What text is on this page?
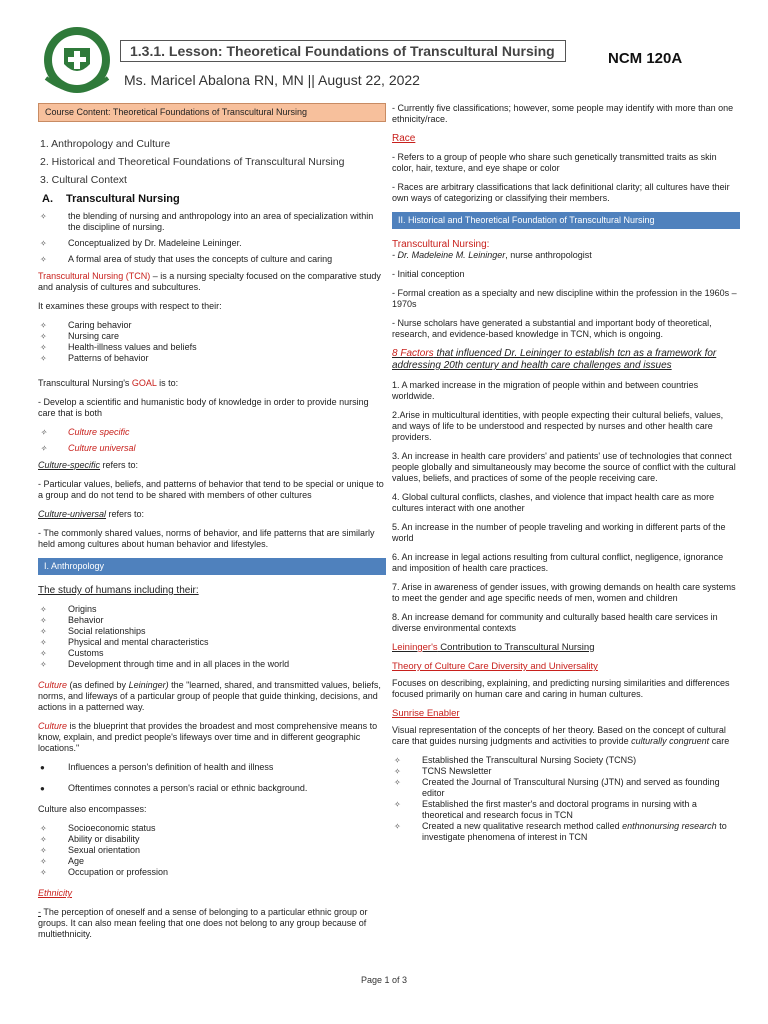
1.3.1. Lesson: Theoretical Foundations of Transcultural Nursing	NCM 120A
Ms. Maricel Abalona RN, MN || August 22, 2022
Course Content: Theoretical Foundations of Transcultural Nursing
1. Anthropology and Culture
2. Historical and Theoretical Foundations of Transcultural Nursing
3. Cultural Context
A. Transcultural Nursing
✧ the blending of nursing and anthropology into an area of specialization within the discipline of nursing.
✧ Conceptualized by Dr. Madeleine Leininger.
✧ A formal area of study that uses the concepts of culture and caring

Transcultural Nursing (TCN) – is a nursing specialty focused on the comparative study and analysis of cultures and subcultures.

It examines these groups with respect to their:

✧ Caring behavior
✧ Nursing care
✧ Health-illness values and beliefs
✧ Patterns of behavior

Transcultural Nursing's GOAL is to:

- Develop a scientific and humanistic body of knowledge in order to provide nursing care that is both

✧ Culture specific
✧ Culture universal

Culture-specific refers to:

- Particular values, beliefs, and patterns of behavior that tend to be special or unique to a group and do not tend to be shared with members of other cultures

Culture-universal refers to:

- The commonly shared values, norms of behavior, and life patterns that are similarly held among cultures about human behavior and lifestyles.

I. Anthropology

The study of humans including their:

✧ Origins
✧ Behavior
✧ Social relationships
✧ Physical and mental characteristics
✧ Customs
✧ Development through time and in all places in the world

Culture (as defined by Leininger) the "learned, shared, and transmitted values, beliefs, norms, and lifeways of a particular group of people that guide thinking, decisions, and actions in a patterned way.

Culture is the blueprint that provides the broadest and most comprehensive means to know, explain, and predict people's lifeways over time and in different geographic locations."

● Influences a person's definition of health and illness
● Oftentimes connotes a person's racial or ethnic background.

Culture also encompasses:

✧ Socioeconomic status
✧ Ability or disability
✧ Sexual orientation
✧ Age
✧ Occupation or profession

Ethnicity

- The perception of oneself and a sense of belonging to a particular ethnic group or groups. It can also mean feeling that one does not belong to any group because of multiethnicity.

- Currently five classifications; however, some people may identify with more than one ethnicity/race.

Race

- Refers to a group of people who share such genetically transmitted traits as skin color, hair, texture, and eye shape or color

- Races are arbitrary classifications that lack definitional clarity; all cultures have their own ways of categorizing or classifying their members.

II. Historical and Theoretical Foundation of Transcultural Nursing
Transcultural Nursing:

- Dr. Madeleine M. Leininger, nurse anthropologist

- Initial conception

- Formal creation as a specialty and new discipline within the profession in the 1960s – 1970s

- Nurse scholars have generated a substantial and important body of theoretical, research, and evidence-based knowledge in TCN, which is ongoing.

8 Factors that influenced Dr. Leininger to establish tcn as a framework for addressing 20th century and health care challenges and issues

1. A marked increase in the migration of people within and between countries worldwide.

2.Arise in multicultural identities, with people expecting their cultural beliefs, values, and ways of life to be understood and respected by nurses and other health care providers.

3. An increase in health care providers' and patients' use of technologies that connect people globally and simultaneously may become the source of conflict with the cultural values, beliefs, and practices of some of the people receiving care.

4. Global cultural conflicts, clashes, and violence that impact health care as more cultures interact with one another

5. An increase in the number of people traveling and working in different parts of the world

6. An increase in legal actions resulting from cultural conflict, negligence, ignorance and imposition of health care practices.

7. Arise in awareness of gender issues, with growing demands on health care systems to meet the gender and age specific needs of men, women and children

8. An increase demand for community and culturally based health care services in diverse environmental contexts

Leininger's Contribution to Transcultural Nursing

Theory of Culture Care Diversity and Universality

Focuses on describing, explaining, and predicting nursing similarities and differences focused primarily on human care and caring in human cultures.

Sunrise Enabler

Visual representation of the concepts of her theory. Based on the concept of cultural care that guides nursing judgments and activities to provide culturally congruent care

✧ Established the Transcultural Nursing Society (TCNS)
✧ TCNS Newsletter
✧ Created the Journal of Transcultural Nursing (JTN) and served as founding editor
✧ Established the first master's and doctoral programs in nursing with a theoretical and research focus in TCN
✧ Created a new qualitative research method called enthnonursing research to investigate phenomena of interest in TCN
Page 1 of 3
